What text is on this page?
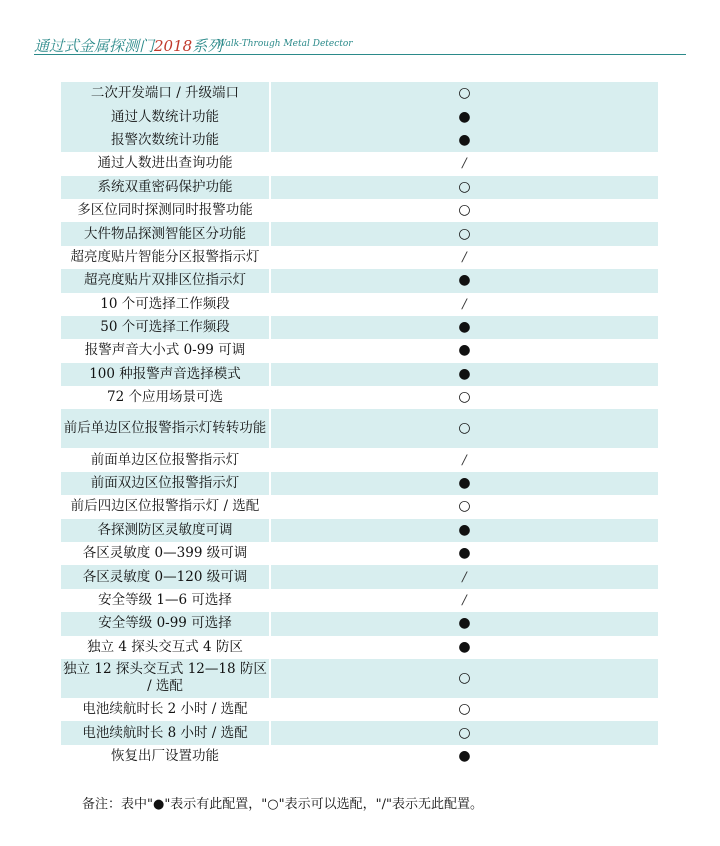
通过式金属探测门2018系列
Walk-Through Metal Detector
二次开发端口 / 升级端口	○
通过人数统计功能	●
报警次数统计功能	●
通过人数进出查询功能	/
系统双重密码保护功能	○
多区位同时探测同时报警功能	○
大件物品探测智能区分功能	○
超亮度贴片智能分区报警指示灯	/
超亮度贴片双排区位指示灯	●
10 个可选择工作频段	/
50 个可选择工作频段	●
报警声音大小式 0-99 可调	●
100 种报警声音选择模式	●
72 个应用场景可选	○
前后单边区位报警指示灯转转功能	○
前面单边区位报警指示灯	/
前面双边区位报警指示灯	●
前后四边区位报警指示灯 / 选配	○
各探测防区灵敏度可调	●
各区灵敏度 0—399 级可调	●
各区灵敏度 0—120 级可调	/
安全等级 1—6 可选择	/
安全等级 0-99 可选择	●
独立 4 探头交互式 4 防区	●
独立 12 探头交互式 12—18 防区 / 选配	○
电池续航时长 2 小时 / 选配	○
电池续航时长 8 小时 / 选配	○
恢复出厂设置功能	●
备注：表中"●"表示有此配置，"○"表示可以选配，"/"表示无此配置。
